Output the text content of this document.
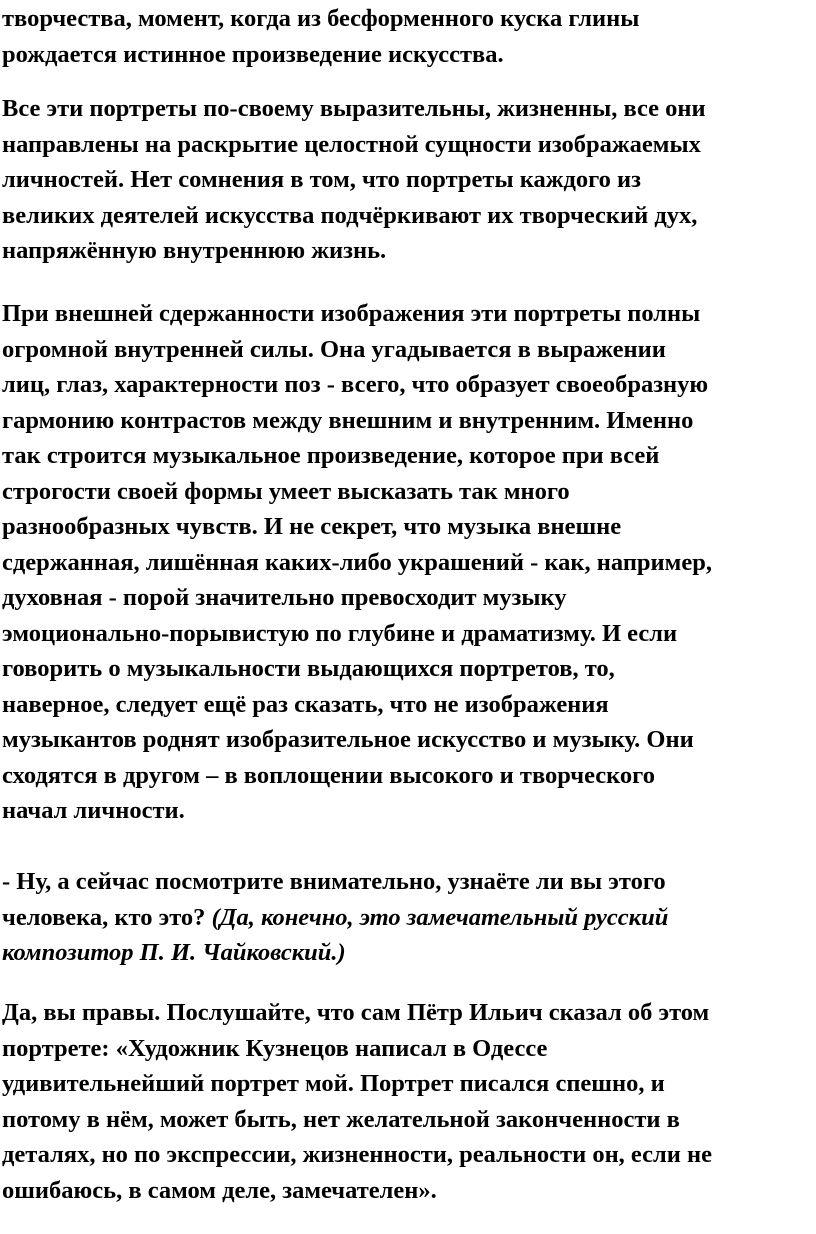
творчества, момент, когда из бесформенного куска глины
рождается истинное произведение искусства.

Все эти портреты по-своему выразительны, жизненны, все они
направлены на раскрытие целостной сущности изображаемых
личностей. Нет сомнения в том, что портреты каждого из
великих деятелей искусства подчёркивают их творческий дух,
напряжённую внутреннюю жизнь.

При внешней сдержанности изображения эти портреты полны
огромной внутренней силы. Она угадывается в выражении
лиц, глаз, характерности поз - всего, что образует своеобразную
гармонию контрастов между внешним и внутренним. Именно
так строится музыкальное произведение, которое при всей
строгости своей формы умеет высказать так много
разнообразных чувств. И не секрет, что музыка внешне
сдержанная, лишённая каких-либо украшений - как, например,
духовная - порой значительно превосходит музыку
эмоционально-порывистую по глубине и драматизму. И если
говорить о музыкальности выдающихся портретов, то,
наверное, следует ещё раз сказать, что не изображения
музыкантов роднят изобразительное искусство и музыку. Они
сходятся в другом – в воплощении высокого и творческого
начал личности.

- Ну, а сейчас посмотрите внимательно, узнаёте ли вы этого
человека, кто это? (Да, конечно, это замечательный русский
композитор П. И. Чайковский.)

Да, вы правы. Послушайте, что сам Пётр Ильич сказал об этом
портрете: «Художник Кузнецов написал в Одессе
удивительнейший портрет мой. Портрет писался спешно, и
потому в нём, может быть, нет желательной законченности в
деталях, но по экспрессии, жизненности, реальности он, если не
ошибаюсь, в самом деле, замечателен».
